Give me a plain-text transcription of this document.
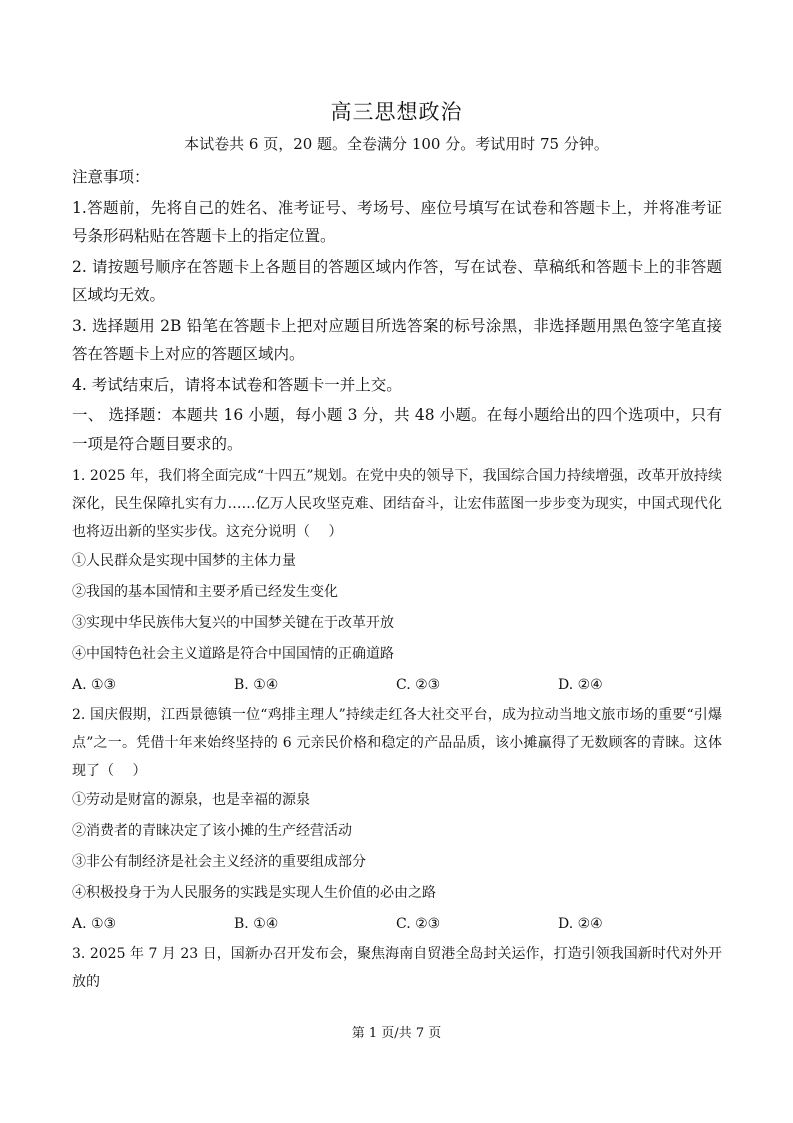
高三思想政治
本试卷共 6 页，20 题。全卷满分 100 分。考试用时 75 分钟。

注意事项：

1.答题前，先将自己的姓名、准考证号、考场号、座位号填写在试卷和答题卡上，并将准考证号条形码粘贴在答题卡上的指定位置。

2. 请按题号顺序在答题卡上各题目的答题区域内作答，写在试卷、草稿纸和答题卡上的非答题区域均无效。

3. 选择题用 2B 铅笔在答题卡上把对应题目所选答案的标号涂黑，非选择题用黑色签字笔直接答在答题卡上对应的答题区域内。

4. 考试结束后，请将本试卷和答题卡一并上交。

一、 选择题：本题共 16 小题，每小题 3 分，共 48 小题。在每小题给出的四个选项中，只有一项是符合题目要求的。

1. 2025 年，我们将全面完成“十四五”规划。在党中央的领导下，我国综合国力持续增强，改革开放持续深化，民生保障扎实有力……亿万人民攻坚克难、团结奋斗，让宏伟蓝图一步步变为现实，中国式现代化也将迈出新的坚实步伐。这充分说明（　 ）

①人民群众是实现中国梦的主体力量

②我国的基本国情和主要矛盾已经发生变化

③实现中华民族伟大复兴的中国梦关键在于改革开放

④中国特色社会主义道路是符合中国国情的正确道路

A. ①③	B. ①④	C. ②③	D. ②④

2. 国庆假期，江西景德镇一位“鸡排主理人”持续走红各大社交平台，成为拉动当地文旅市场的重要“引爆点”之一。凭借十年来始终坚持的 6 元亲民价格和稳定的产品品质，该小摊赢得了无数顾客的青睐。这体现了（　 ）

①劳动是财富的源泉，也是幸福的源泉

②消费者的青睐决定了该小摊的生产经营活动

③非公有制经济是社会主义经济的重要组成部分

④积极投身于为人民服务的实践是实现人生价值的必由之路

A. ①③	B. ①④	C. ②③	D. ②④

3. 2025 年 7 月 23 日，国新办召开发布会，聚焦海南自贸港全岛封关运作，打造引领我国新时代对外开放的

第 1 页/共 7 页
